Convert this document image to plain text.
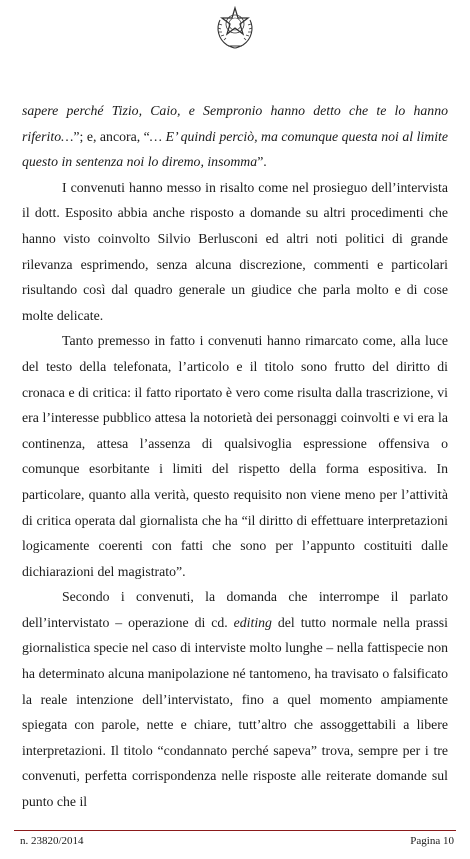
sapere perché Tizio, Caio, e Sempronio hanno detto che te lo hanno riferito…”; e, ancora, “… E’ quindi perciò, ma comunque questa noi al limite questo in sentenza noi lo diremo, insomma”.

I convenuti hanno messo in risalto come nel prosieguo dell’intervista il dott. Esposito abbia anche risposto a domande su altri procedimenti che hanno visto coinvolto Silvio Berlusconi ed altri noti politici di grande rilevanza esprimendo, senza alcuna discrezione, commenti e particolari risultando così dal quadro generale un giudice che parla molto e di cose molte delicate.

Tanto premesso in fatto i convenuti hanno rimarcato come, alla luce del testo della telefonata, l’articolo e il titolo sono frutto del diritto di cronaca e di critica: il fatto riportato è vero come risulta dalla trascrizione, vi era l’interesse pubblico attesa la notorietà dei personaggi coinvolti e vi era la continenza, attesa l’assenza di qualsivoglia espressione offensiva o comunque esorbitante i limiti del rispetto della forma espositiva. In particolare, quanto alla verità, questo requisito non viene meno per l’attività di critica operata dal giornalista che ha “il diritto di effettuare interpretazioni logicamente coerenti con fatti che sono per l’appunto costituiti dalle dichiarazioni del magistrato”.

Secondo i convenuti, la domanda che interrompe il parlato dell’intervistato – operazione di cd. editing del tutto normale nella prassi giornalistica specie nel caso di interviste molto lunghe – nella fattispecie non ha determinato alcuna manipolazione né tantomeno, ha travisato o falsificato la reale intenzione dell’intervistato, fino a quel momento ampiamente spiegata con parole, nette e chiare, tutt’altro che assoggettabili a libere interpretazioni. Il titolo “condannato perché sapeva” trova, sempre per i tre convenuti, perfetta corrispondenza nelle risposte alle reiterate domande sul punto che il

n. 23820/2014	Pagina 10
